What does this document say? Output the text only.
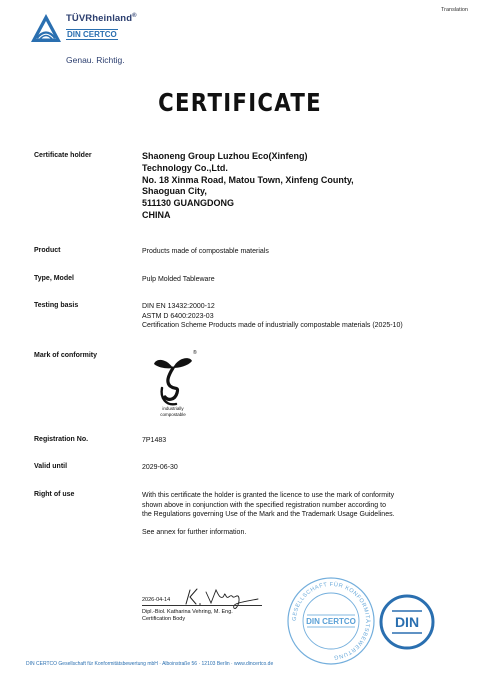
TÜVRheinland®
DIN CERTCO
Genau. Richtig.
Translation
CERTIFICATE
Certificate holder	Shaoneng Group Luzhou Eco(Xinfeng)
Technology Co.,Ltd.
No. 18 Xinma Road, Matou Town, Xinfeng County,
Shaoguan City,
511130 GUANGDONG
CHINA
Product	Products made of compostable materials
Type, Model	Pulp Molded Tableware
Testing basis	DIN EN 13432:2000-12
ASTM D 6400:2023-03
Certification Scheme Products made of industrially compostable materials (2025-10)
Mark of conformity	®
industrially
compostable
Registration No.	7P1483
Valid until	2029-06-30
Right of use	With this certificate the holder is granted the licence to use the mark of conformity
shown above in conjunction with the specified registration number according to
the Regulations governing Use of the Mark and the Trademark Usage Guidelines.
See annex for further information.
2026-04-14
Dipl.-Biol. Katharina Vehring, M. Eng.
Certification Body	GESELLSCHAFT FÜR KONFORMITÄTSBEWERTUNG
DIN CERTCO	DIN
DIN CERTCO Gesellschaft für Konformitätsbewertung mbH · Alboinstraße 56 · 12103 Berlin · www.dincertco.de
